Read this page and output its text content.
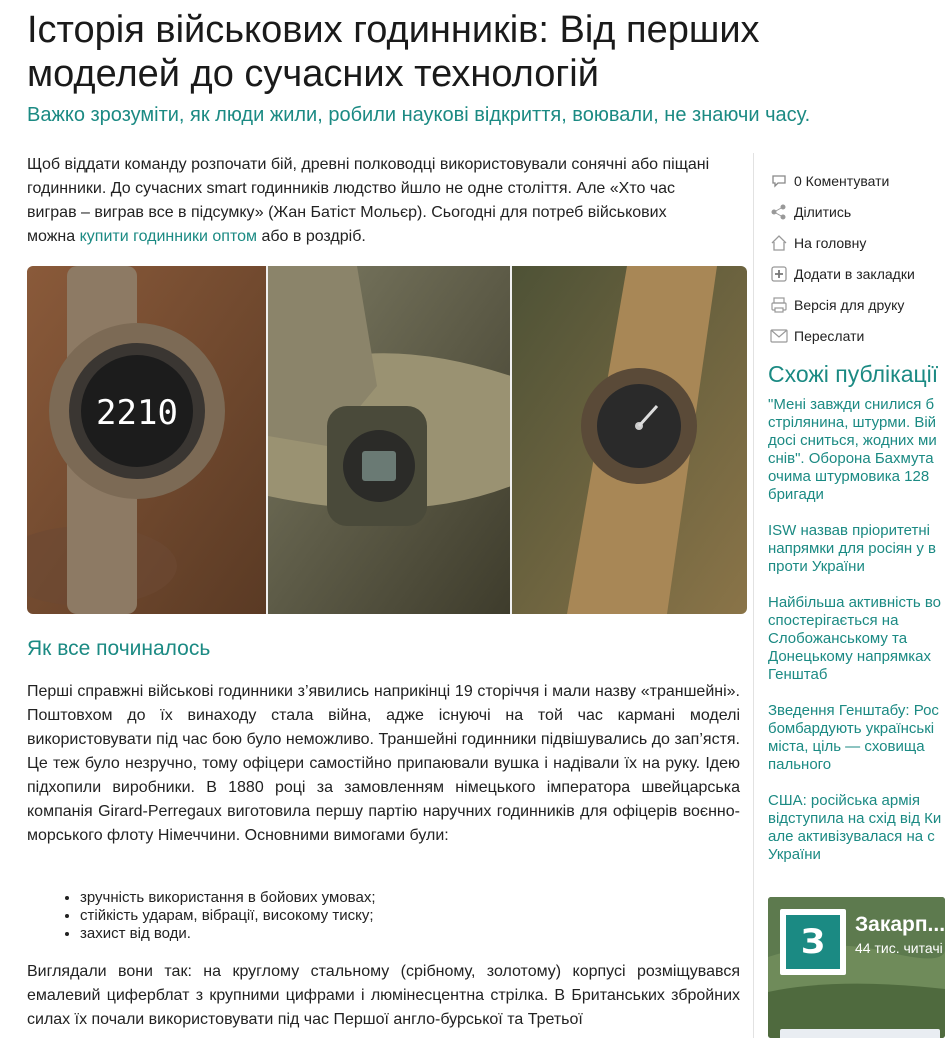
Історія військових годинників: Від перших моделей до сучасних технологій
Важко зрозуміти, як люди жили, робили наукові відкриття, воювали, не знаючи часу.

Щоб віддати команду розпочати бій, древні полководці використовували сонячні або піщані годинники. До сучасних smart годинників людство йшло не одне століття. Але «Хто час виграв – виграв все в підсумку» (Жан Батіст Мольєр). Сьогодні для потреб військових можна купити годинники оптом або в роздріб.

2210
Як все починалось

Перші справжні військові годинники з’явились наприкінці 19 сторіччя і мали назву «траншейні». Поштовхом до їх винаходу стала війна, адже існуючі на той час кармані моделі використовувати під час бою було неможливо. Траншейні годинники підвішувались до зап’ястя. Це теж було незручно, тому офіцери самостійно припаювали вушка і надівали їх на руку. Ідею підхопили виробники. В 1880 році за замовленням німецького імператора швейцарська компанія Girard-Perregaux виготовила першу партію наручних годинників для офіцерів воєнно-морського флоту Німеччини. Основними вимогами були:

• зручність використання в бойових умовах;
• стійкість ударам, вібрації, високому тиску;
• захист від води.

Виглядали вони так: на круглому стальному (срібному, золотому) корпусі розміщувався емалевий циферблат з крупними цифрами і люмінесцентна стрілка. В Британських збройних силах їх почали використовувати під час Першої англо-бурської та Третьої

0 Коментувати
Ділитись
На головну
Додати в закладки
Версія для друку
Переслати
Схожі публікації
"Мені завжди снилися б
стрілянина, штурми. Вій
досі сниться, жодних ми
снів". Оборона Бахмута
очима штурмовика 128
бригади
ISW назвав пріоритетні
напрямки для росіян у в
проти України
Найбільша активність во
спостерігається на
Слобожанському та
Донецькому напрямках
Генштаб
Зведення Генштабу: Рос
бомбардують українські
міста, ціль — сховища
пального
США: російська армія
відступила на схід від Ки
але активізувалася на с
України
З	Закарп...
44 тис. читачі
